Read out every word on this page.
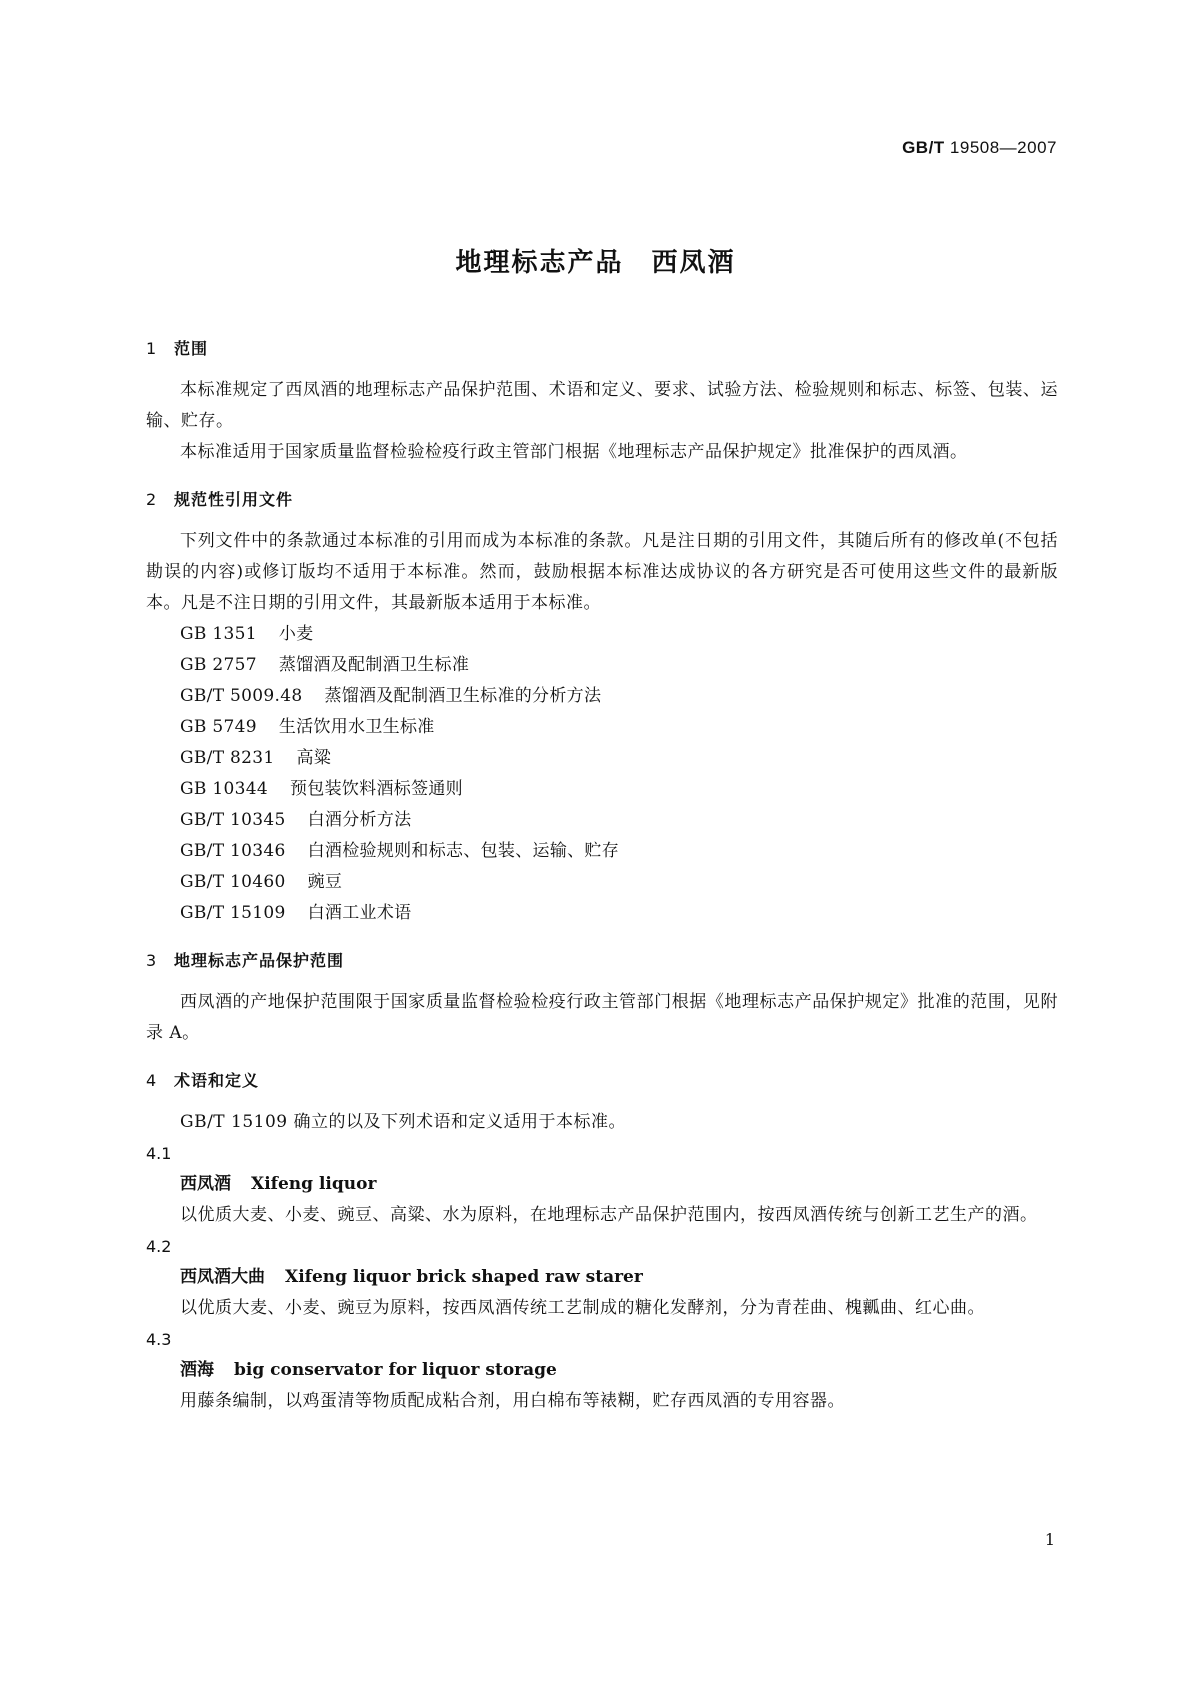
GB/T 19508—2007
地理标志产品　西凤酒
1 范围

本标准规定了西凤酒的地理标志产品保护范围、术语和定义、要求、试验方法、检验规则和标志、标签、包装、运输、贮存。

本标准适用于国家质量监督检验检疫行政主管部门根据《地理标志产品保护规定》批准保护的西凤酒。

2 规范性引用文件

下列文件中的条款通过本标准的引用而成为本标准的条款。凡是注日期的引用文件，其随后所有的修改单(不包括勘误的内容)或修订版均不适用于本标准。然而，鼓励根据本标准达成协议的各方研究是否可使用这些文件的最新版本。凡是不注日期的引用文件，其最新版本适用于本标准。

GB 1351 小麦

GB 2757 蒸馏酒及配制酒卫生标准

GB/T 5009.48 蒸馏酒及配制酒卫生标准的分析方法

GB 5749 生活饮用水卫生标准

GB/T 8231 高粱

GB 10344 预包装饮料酒标签通则

GB/T 10345 白酒分析方法

GB/T 10346 白酒检验规则和标志、包装、运输、贮存

GB/T 10460 豌豆

GB/T 15109 白酒工业术语

3 地理标志产品保护范围

西凤酒的产地保护范围限于国家质量监督检验检疫行政主管部门根据《地理标志产品保护规定》批准的范围，见附录 A。

4 术语和定义

GB/T 15109 确立的以及下列术语和定义适用于本标准。

4.1

西凤酒 Xifeng liquor

以优质大麦、小麦、豌豆、高粱、水为原料，在地理标志产品保护范围内，按西凤酒传统与创新工艺生产的酒。

4.2

西凤酒大曲 Xifeng liquor brick shaped raw starer

以优质大麦、小麦、豌豆为原料，按西凤酒传统工艺制成的糖化发酵剂，分为青茬曲、槐瓤曲、红心曲。

4.3

酒海 big conservator for liquor storage

用藤条编制，以鸡蛋清等物质配成粘合剂，用白棉布等裱糊，贮存西凤酒的专用容器。

1
